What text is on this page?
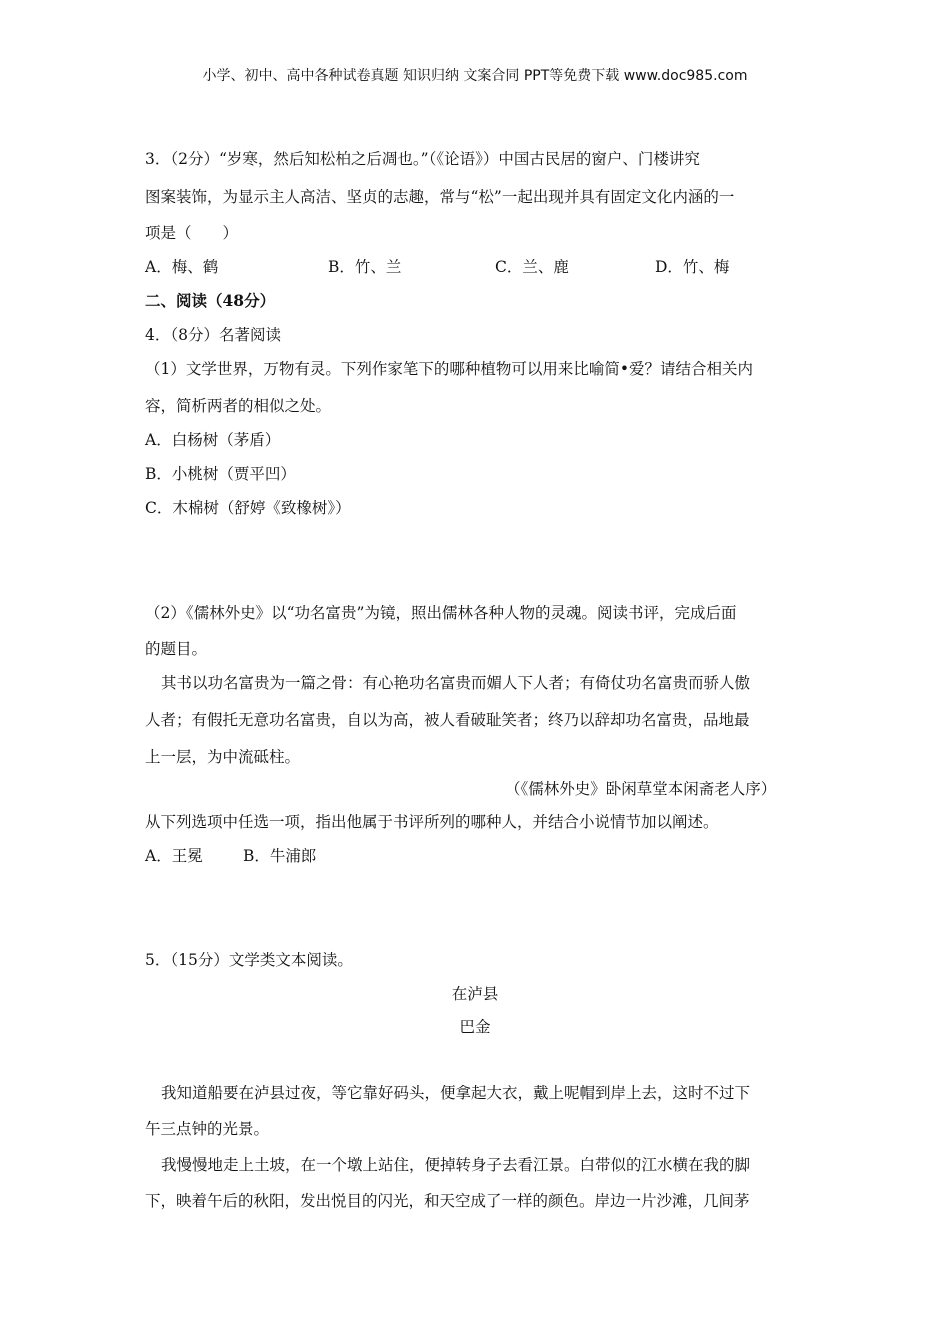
小学、初中、高中各种试卷真题 知识归纳 文案合同 PPT等免费下载 www.doc985.com
3．（2分）“岁寒，然后知松柏之后凋也。”（《论语》）中国古民居的窗户、门楼讲究
图案装饰，为显示主人高洁、坚贞的志趣，常与“松”一起出现并具有固定文化内涵的一
项是（　　）
A．梅、鹤	B．竹、兰	C．兰、鹿	D．竹、梅
二、阅读（48分）
4．（8分）名著阅读
（1）文学世界，万物有灵。下列作家笔下的哪种植物可以用来比喻简•爱？请结合相关内
容，简析两者的相似之处。
A．白杨树（茅盾）
B．小桃树（贾平凹）
C．木棉树（舒婷《致橡树》）
（2）《儒林外史》以“功名富贵”为镜，照出儒林各种人物的灵魂。阅读书评，完成后面
的题目。
其书以功名富贵为一篇之骨：有心艳功名富贵而媚人下人者；有倚仗功名富贵而骄人傲
人者；有假托无意功名富贵，自以为高，被人看破耻笑者；终乃以辞却功名富贵，品地最
上一层，为中流砥柱。
（《儒林外史》卧闲草堂本闲斋老人序）
从下列选项中任选一项，指出他属于书评所列的哪种人，并结合小说情节加以阐述。
A．王冕	B．牛浦郎
5．（15分）文学类文本阅读。
在泸县
巴金
我知道船要在泸县过夜，等它靠好码头，便拿起大衣，戴上呢帽到岸上去，这时不过下
午三点钟的光景。
我慢慢地走上土坡，在一个墩上站住，便掉转身子去看江景。白带似的江水横在我的脚
下，映着午后的秋阳，发出悦目的闪光，和天空成了一样的颜色。岸边一片沙滩，几间茅
